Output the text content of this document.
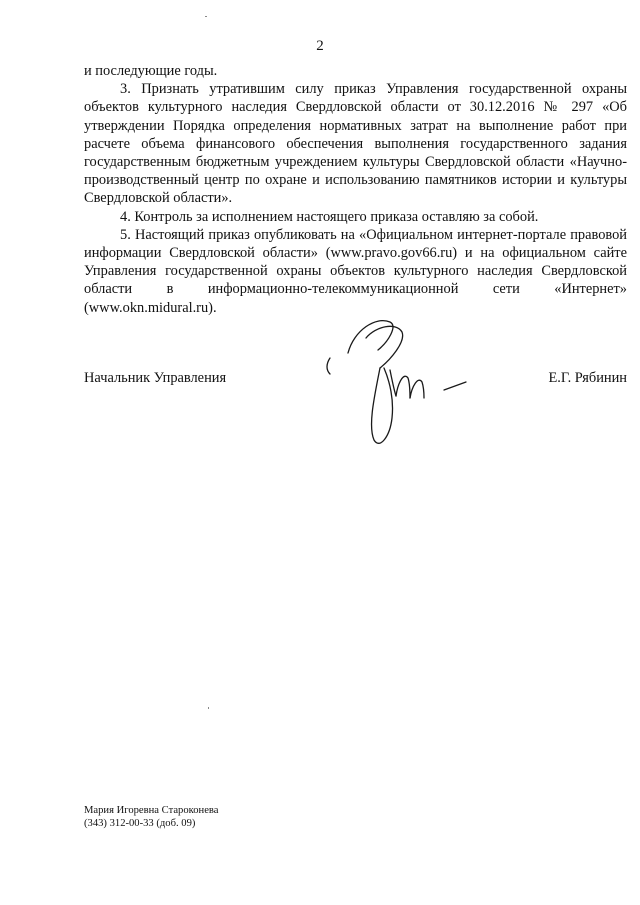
2

и последующие годы.

3. Признать утратившим силу приказ Управления государственной охраны объектов культурного наследия Свердловской области от 30.12.2016 № 297 «Об утверждении Порядка определения нормативных затрат на выполнение работ при расчете объема финансового обеспечения выполнения государственного задания государственным бюджетным учреждением культуры Свердловской области «Научно-производственный центр по охране и использованию памятников истории и культуры Свердловской области».

4. Контроль за исполнением настоящего приказа оставляю за собой.

5. Настоящий приказ опубликовать на «Официальном интернет-портале правовой информации Свердловской области» (www.pravo.gov66.ru) и на официальном сайте Управления государственной охраны объектов культурного наследия Свердловской области в информационно-телекоммуникационной сети «Интернет» (www.okn.midural.ru).

Начальник Управления	Е.Г. Рябинин
Мария Игоревна Староконева
(343) 312-00-33 (доб. 09)
